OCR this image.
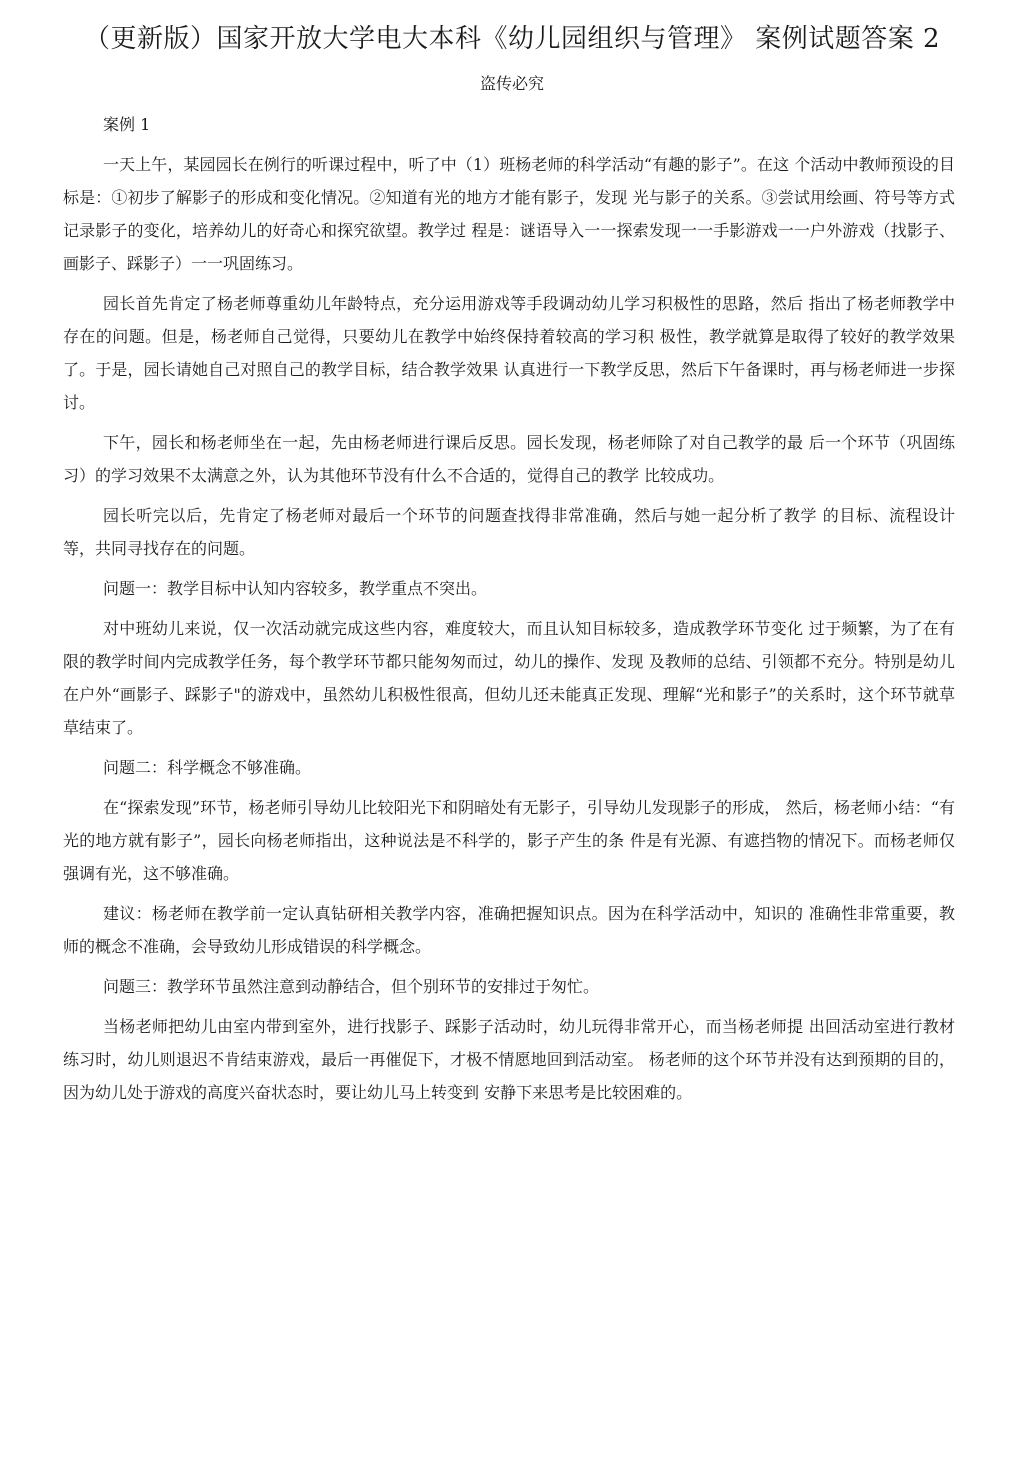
（更新版）国家开放大学电大本科《幼儿园组织与管理》 案例试题答案 2
盗传必究

案例 1

一天上午，某园园长在例行的听课过程中，听了中（1）班杨老师的科学活动“有趣的影子”。在这 个活动中教师预设的目标是：①初步了解影子的形成和变化情况。②知道有光的地方才能有影子，发现 光与影子的关系。③尝试用绘画、符号等方式记录影子的变化，培养幼儿的好奇心和探究欲望。教学过 程是：谜语导入一一探索发现一一手影游戏一一户外游戏（找影子、画影子、踩影子）一一巩固练习。

园长首先肯定了杨老师尊重幼儿年龄特点，充分运用游戏等手段调动幼儿学习积极性的思路，然后 指出了杨老师教学中存在的问题。但是，杨老师自己觉得，只要幼儿在教学中始终保持着较高的学习积 极性，教学就算是取得了较好的教学效果了。于是，园长请她自己对照自己的教学目标，结合教学效果 认真进行一下教学反思，然后下午备课时，再与杨老师进一步探讨。

下午，园长和杨老师坐在一起，先由杨老师进行课后反思。园长发现，杨老师除了对自己教学的最 后一个环节（巩固练习）的学习效果不太满意之外，认为其他环节没有什么不合适的，觉得自己的教学 比较成功。

园长听完以后，先肯定了杨老师对最后一个环节的问题查找得非常准确，然后与她一起分析了教学 的目标、流程设计等，共同寻找存在的问题。

问题一：教学目标中认知内容较多，教学重点不突出。

对中班幼儿来说，仅一次活动就完成这些内容，难度较大，而且认知目标较多，造成教学环节变化 过于频繁，为了在有限的教学时间内完成教学任务，每个教学环节都只能匆匆而过，幼儿的操作、发现 及教师的总结、引领都不充分。特别是幼儿在户外“画影子、踩影子"的游戏中，虽然幼儿积极性很高，但幼儿还未能真正发现、理解“光和影子”的关系时，这个环节就草草结束了。

问题二：科学概念不够准确。

在“探索发现”环节，杨老师引导幼儿比较阳光下和阴暗处有无影子，引导幼儿发现影子的形成， 然后，杨老师小结：“有光的地方就有影子”，园长向杨老师指出，这种说法是不科学的，影子产生的条 件是有光源、有遮挡物的情况下。而杨老师仅强调有光，这不够准确。

建议：杨老师在教学前一定认真钻研相关教学内容，准确把握知识点。因为在科学活动中，知识的 准确性非常重要，教师的概念不准确，会导致幼儿形成错误的科学概念。

问题三：教学环节虽然注意到动静结合，但个别环节的安排过于匆忙。

当杨老师把幼儿由室内带到室外，进行找影子、踩影子活动时，幼儿玩得非常开心，而当杨老师提 出回活动室进行教材练习时，幼儿则退迟不肯结束游戏，最后一再催促下，才极不情愿地回到活动室。 杨老师的这个环节并没有达到预期的目的，因为幼儿处于游戏的高度兴奋状态时，要让幼儿马上转变到 安静下来思考是比较困难的。
